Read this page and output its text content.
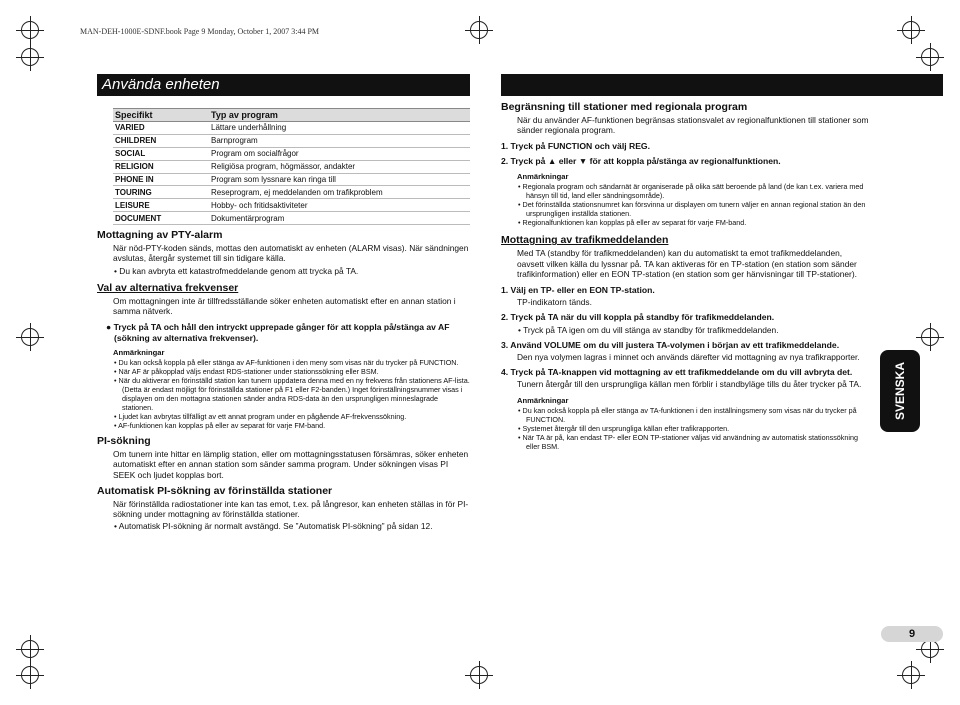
MAN-DEH-1000E-SDNF.book Page 9 Monday, October 1, 2007 3:44 PM
Använda enheten
SVENSKA
9
Specifikt	Typ av program
VARIED	Lättare underhållning
CHILDREN	Barnprogram
SOCIAL	Program om socialfrågor
RELIGION	Religiösa program, högmässor, andakter
PHONE IN	Program som lyssnare kan ringa till
TOURING	Reseprogram, ej meddelanden om trafikproblem
LEISURE	Hobby- och fritidsaktiviteter
DOCUMENT	Dokumentärprogram

Mottagning av PTY-alarm

När nöd-PTY-koden sänds, mottas den automatiskt av enheten (ALARM visas). När sändningen avslutas, återgår systemet till sin tidigare källa.

• Du kan avbryta ett katastrofmeddelande genom att trycka på TA.

Val av alternativa frekvenser

Om mottagningen inte är tillfredsställande söker enheten automatiskt efter en annan station i samma nätverk.

● Tryck på TA och håll den intryckt upprepade gånger för att koppla på/stänga av AF (sökning av alternativa frekvenser).

Anmärkningar

• Du kan också koppla på eller stänga av AF-funktionen i den meny som visas när du trycker på FUNCTION.

• När AF är påkopplad väljs endast RDS-stationer under stationssökning eller BSM.

• När du aktiverar en förinställd station kan tunern uppdatera denna med en ny frekvens från stationens AF-lista. (Detta är endast möjligt för förinställda stationer på F1 eller F2-banden.) Inget förinställningsnummer visas i displayen om den mottagna stationen sänder andra RDS-data än den ursprungligen minneslagrade stationen.

• Ljudet kan avbrytas tillfälligt av ett annat program under en pågående AF-frekvenssökning.

• AF-funktionen kan kopplas på eller av separat för varje FM-band.

PI-sökning

Om tunern inte hittar en lämplig station, eller om mottagningsstatusen försämras, söker enheten automatiskt efter en annan station som sänder samma program. Under sökningen visas PI SEEK och ljudet kopplas bort.

Automatisk PI-sökning av förinställda stationer

När förinställda radiostationer inte kan tas emot, t.ex. på långresor, kan enheten ställas in för PI-sökning under mottagning av förinställda stationer.

• Automatisk PI-sökning är normalt avstängd. Se ”Automatisk PI-sökning” på sidan 12.

Begränsning till stationer med regionala program

När du använder AF-funktionen begränsas stationsvalet av regionalfunktionen till stationer som sänder regionala program.

1. Tryck på FUNCTION och välj REG.

2. Tryck på ▲ eller ▼ för att koppla på/stänga av regionalfunktionen.

Anmärkningar

• Regionala program och sändarnät är organiserade på olika sätt beroende på land (de kan t.ex. variera med hänsyn till tid, land eller sändningsområde).

• Det förinställda stationsnumret kan försvinna ur displayen om tunern väljer en annan regional station än den ursprungligen inställda stationen.

• Regionalfunktionen kan kopplas på eller av separat för varje FM-band.

Mottagning av trafikmeddelanden

Med TA (standby för trafikmeddelanden) kan du automatiskt ta emot trafikmeddelanden, oavsett vilken källa du lyssnar på. TA kan aktiveras för en TP-station (en station som sänder trafikinformation) eller en EON TP-station (en station som ger hänvisningar till TP-stationer).

1. Välj en TP- eller en EON TP-station.

TP-indikatorn tänds.

2. Tryck på TA när du vill koppla på standby för trafikmeddelanden.

• Tryck på TA igen om du vill stänga av standby för trafikmeddelanden.

3. Använd VOLUME om du vill justera TA-volymen i början av ett trafikmeddelande.

Den nya volymen lagras i minnet och används därefter vid mottagning av nya trafikrapporter.

4. Tryck på TA-knappen vid mottagning av ett trafikmeddelande om du vill avbryta det.

Tunern återgår till den ursprungliga källan men förblir i standbyläge tills du åter trycker på TA.

Anmärkningar

• Du kan också koppla på eller stänga av TA-funktionen i den inställningsmeny som visas när du trycker på FUNCTION.

• Systemet återgår till den ursprungliga källan efter trafikrapporten.

• När TA är på, kan endast TP- eller EON TP-stationer väljas vid användning av automatisk stationssökning eller BSM.
